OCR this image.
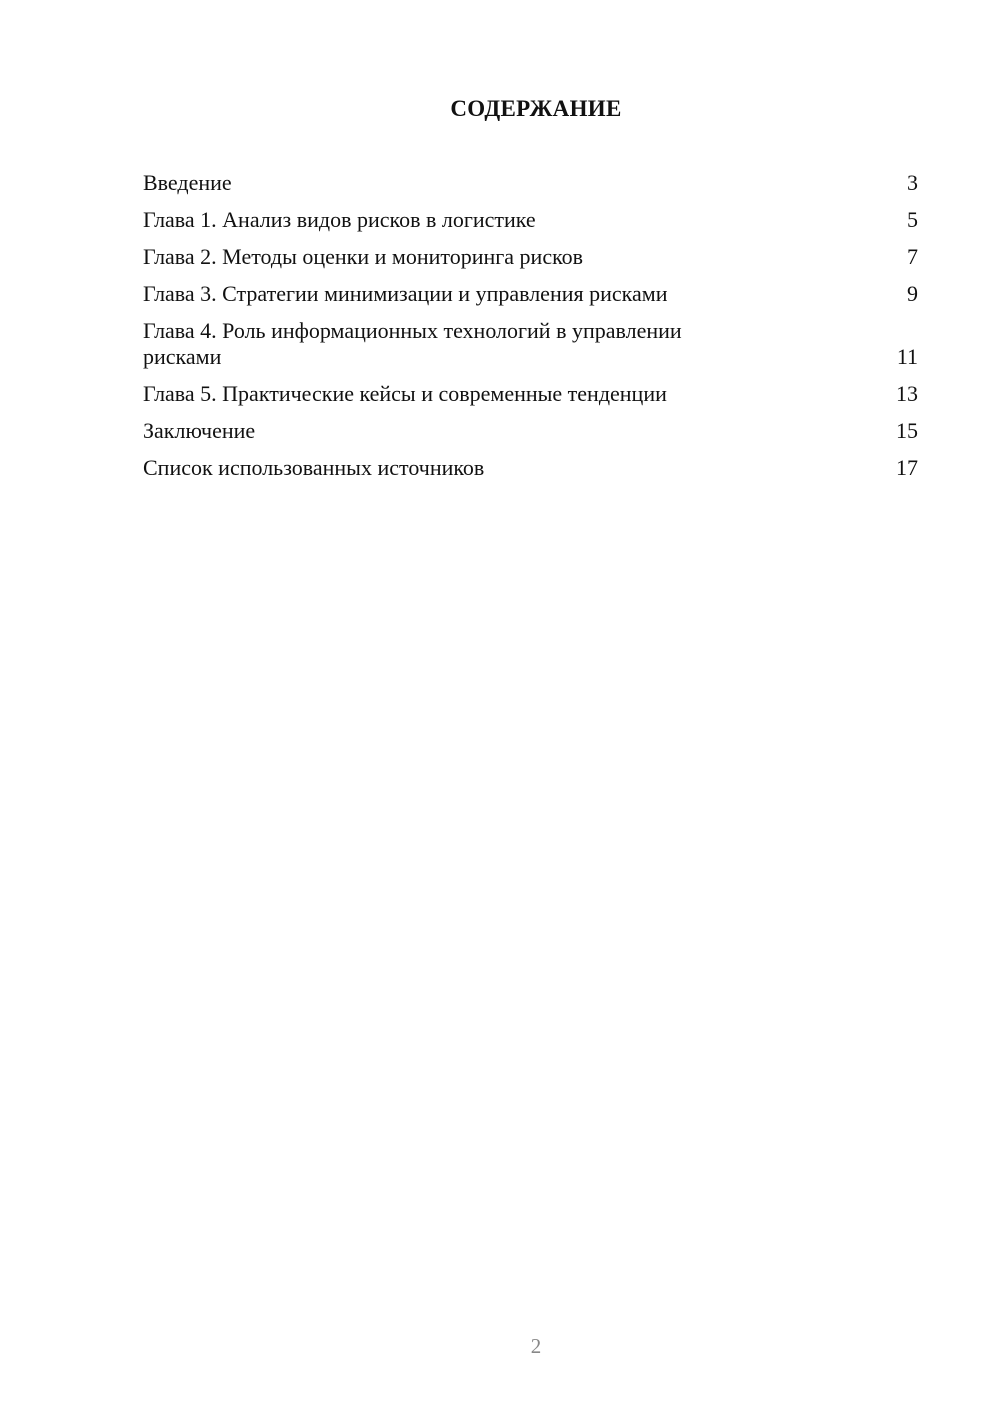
СОДЕРЖАНИЕ
Введение	3
Глава 1. Анализ видов рисков в логистике	5
Глава 2. Методы оценки и мониторинга рисков	7
Глава 3. Стратегии минимизации и управления рисками	9
Глава 4. Роль информационных технологий в управлении
рисками	11
Глава 5. Практические кейсы и современные тенденции	13
Заключение	15
Список использованных источников	17
2
